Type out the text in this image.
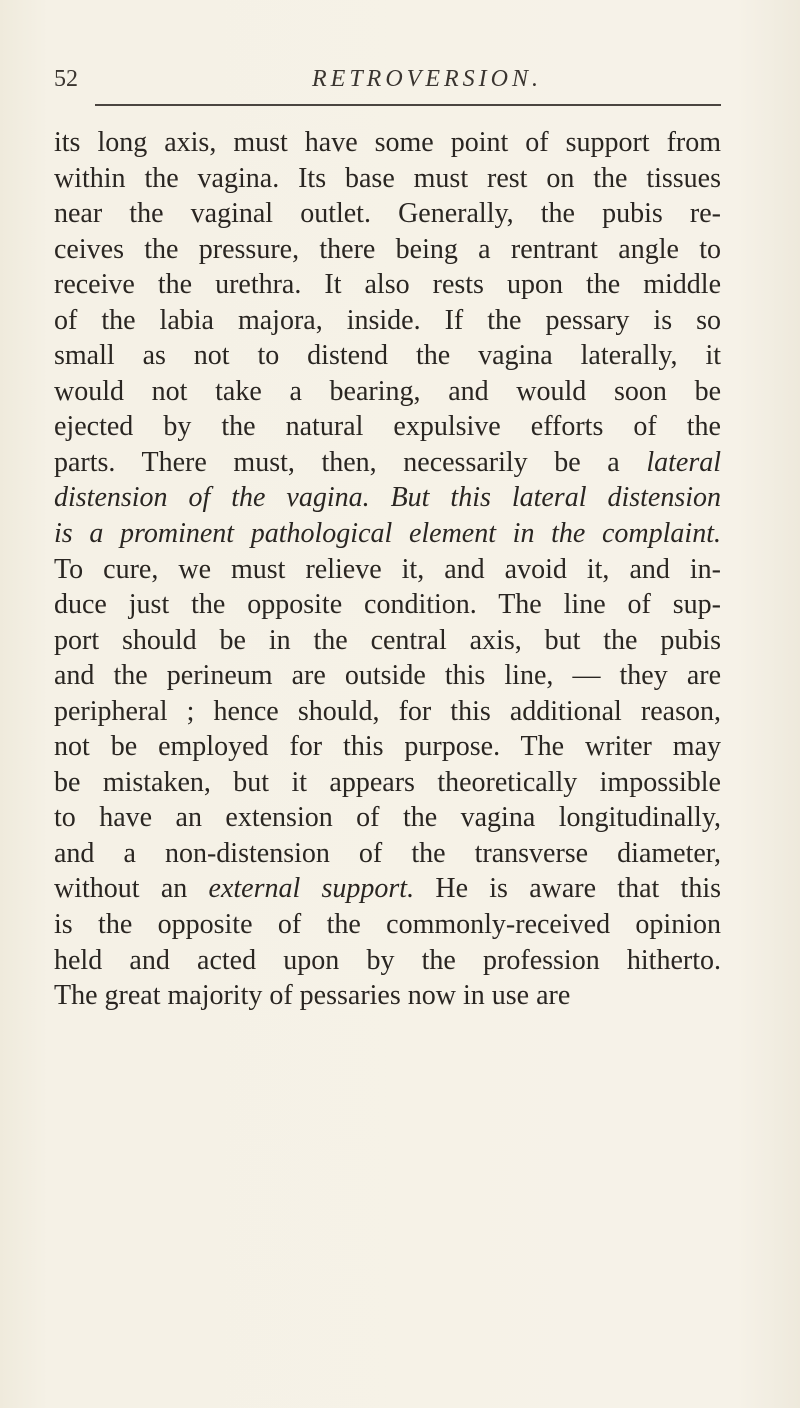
52	RETROVERSION.
its long axis, must have some point of support from
within the vagina. Its base must rest on the tissues
near the vaginal outlet. Generally, the pubis re-
ceives the pressure, there being a rentrant angle to
receive the urethra. It also rests upon the middle
of the labia majora, inside. If the pessary is so
small as not to distend the vagina laterally, it
would not take a bearing, and would soon be
ejected by the natural expulsive efforts of the
parts. There must, then, necessarily be a lateral
distension of the vagina. But this lateral distension
is a prominent pathological element in the complaint.
To cure, we must relieve it, and avoid it, and in-
duce just the opposite condition. The line of sup-
port should be in the central axis, but the pubis
and the perineum are outside this line, — they are
peripheral ; hence should, for this additional reason,
not be employed for this purpose. The writer may
be mistaken, but it appears theoretically impossible
to have an extension of the vagina longitudinally,
and a non-distension of the transverse diameter,
without an external support. He is aware that this
is the opposite of the commonly-received opinion
held and acted upon by the profession hitherto.
The great majority of pessaries now in use are
